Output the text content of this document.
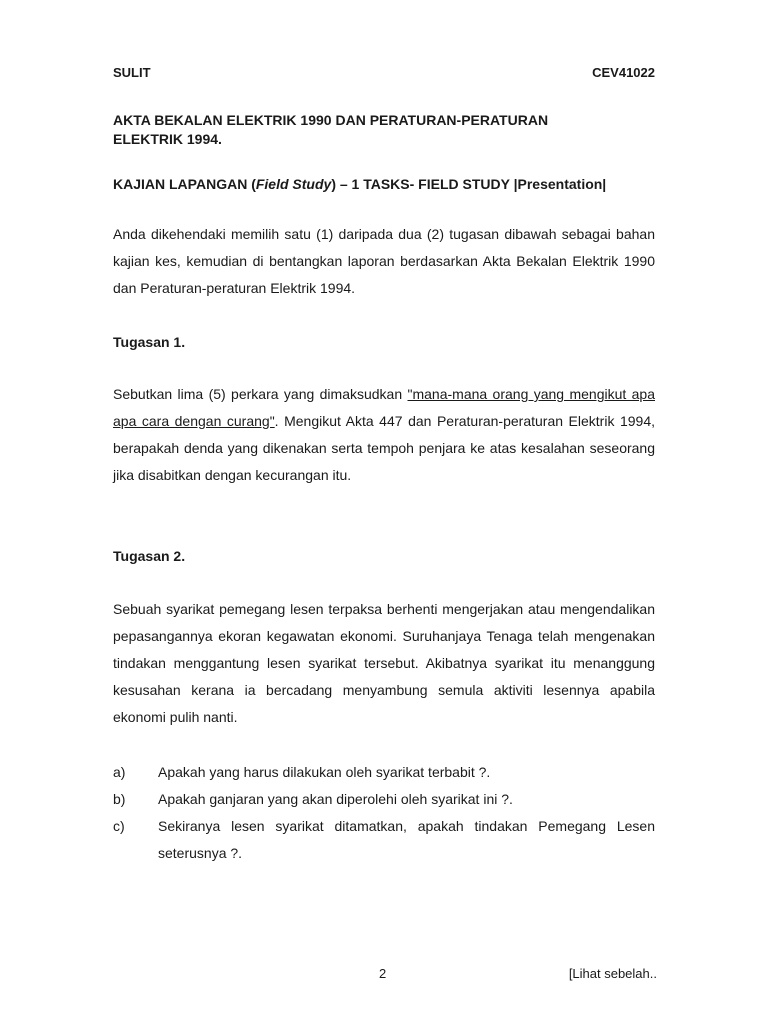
SULIT	CEV41022
AKTA BEKALAN ELEKTRIK 1990 DAN PERATURAN-PERATURAN
ELEKTRIK 1994.
KAJIAN LAPANGAN (Field Study) – 1 TASKS- FIELD STUDY |Presentation|
Anda dikehendaki memilih satu (1) daripada dua (2) tugasan dibawah sebagai bahan kajian kes, kemudian di bentangkan laporan berdasarkan Akta Bekalan Elektrik 1990 dan Peraturan-peraturan Elektrik 1994.
Tugasan 1.
Sebutkan lima (5) perkara yang dimaksudkan "mana-mana orang yang mengikut apa apa cara dengan curang". Mengikut Akta 447 dan Peraturan-peraturan Elektrik 1994, berapakah denda yang dikenakan serta tempoh penjara ke atas kesalahan seseorang jika disabitkan dengan kecurangan itu.
Tugasan 2.
Sebuah syarikat pemegang lesen terpaksa berhenti mengerjakan atau mengendalikan pepasangannya ekoran kegawatan ekonomi. Suruhanjaya Tenaga telah mengenakan tindakan menggantung lesen syarikat tersebut. Akibatnya syarikat itu menanggung kesusahan kerana ia bercadang menyambung semula aktiviti lesennya apabila ekonomi pulih nanti.
a)	Apakah yang harus dilakukan oleh syarikat terbabit ?.
b)	Apakah ganjaran yang akan diperolehi oleh syarikat ini ?.
c)	Sekiranya lesen syarikat ditamatkan, apakah tindakan Pemegang Lesen seterusnya ?.
2	[Lihat sebelah..
